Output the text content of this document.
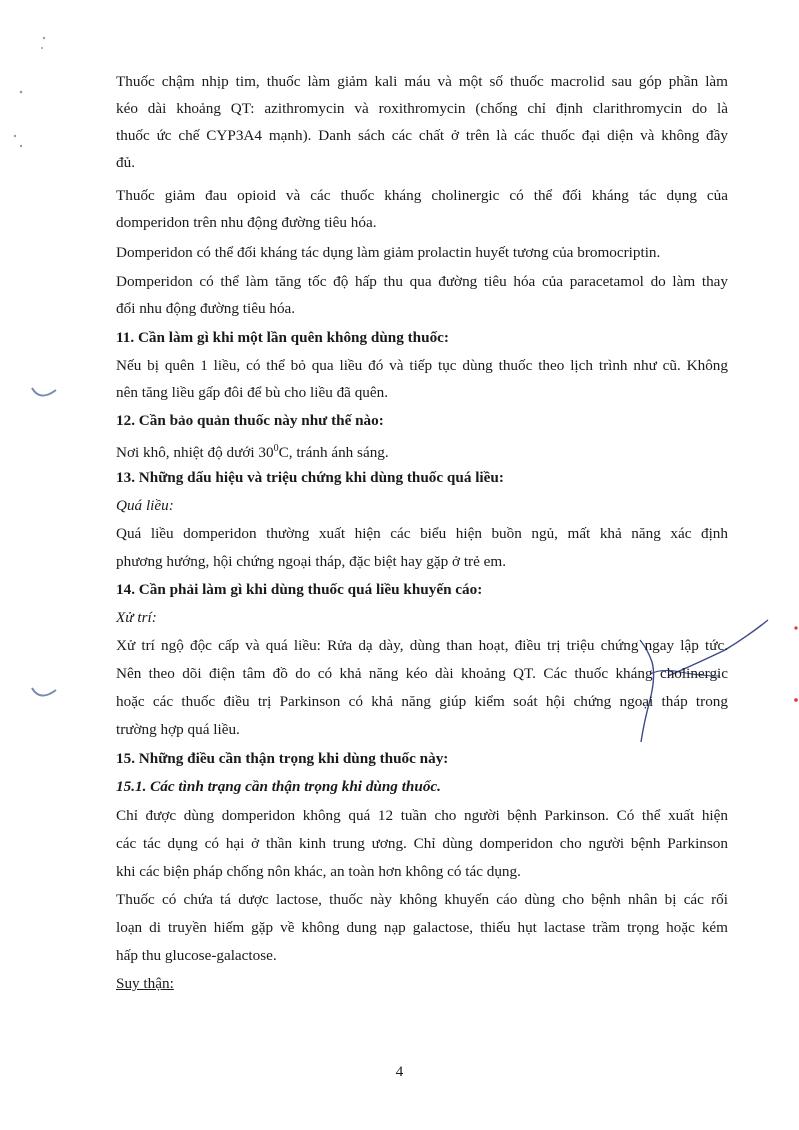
Thuốc chậm nhịp tim, thuốc làm giảm kali máu và một số thuốc macrolid sau góp phần làm
kéo dài khoảng QT: azithromycin và roxithromycin (chống chỉ định clarithromycin do là
thuốc ức chế CYP3A4 mạnh). Danh sách các chất ở trên là các thuốc đại diện và không đầy
đủ.
Thuốc giảm đau opioid và các thuốc kháng cholinergic có thể đối kháng tác dụng của
domperidon trên nhu động đường tiêu hóa.
Domperidon có thể đối kháng tác dụng làm giảm prolactin huyết tương của bromocriptin.
Domperidon có thể làm tăng tốc độ hấp thu qua đường tiêu hóa của paracetamol do làm thay
đổi nhu động đường tiêu hóa.
11. Cần làm gì khi một lần quên không dùng thuốc:
Nếu bị quên 1 liều, có thể bỏ qua liều đó và tiếp tục dùng thuốc theo lịch trình như cũ. Không
nên tăng liều gấp đôi để bù cho liều đã quên.
12. Cần bảo quản thuốc này như thế nào:
Nơi khô, nhiệt độ dưới $30^0C$, tránh ánh sáng.
13. Những dấu hiệu và triệu chứng khi dùng thuốc quá liều:
Quá liều:
Quá liều domperidon thường xuất hiện các biểu hiện buồn ngủ, mất khả năng xác định
phương hướng, hội chứng ngoại tháp, đặc biệt hay gặp ở trẻ em.
14. Cần phải làm gì khi dùng thuốc quá liều khuyến cáo:
Xử trí:
Xử trí ngộ độc cấp và quá liều: Rửa dạ dày, dùng than hoạt, điều trị triệu chứng ngay lập tức.
Nên theo dõi điện tâm đồ do có khả năng kéo dài khoảng QT. Các thuốc kháng cholinergic
hoặc các thuốc điều trị Parkinson có khả năng giúp kiểm soát hội chứng ngoại tháp trong
trường hợp quá liều.
15. Những điều cần thận trọng khi dùng thuốc này:
15.1. Các tình trạng cần thận trọng khi dùng thuốc.
Chỉ được dùng domperidon không quá 12 tuần cho người bệnh Parkinson. Có thể xuất hiện
các tác dụng có hại ở thần kinh trung ương. Chỉ dùng domperidon cho người bệnh Parkinson
khi các biện pháp chống nôn khác, an toàn hơn không có tác dụng.
Thuốc có chứa tá dược lactose, thuốc này không khuyến cáo dùng cho bệnh nhân bị các rối
loạn di truyền hiếm gặp về không dung nạp galactose, thiếu hụt lactase trầm trọng hoặc kém
hấp thu glucose-galactose.
Suy thận:
4
